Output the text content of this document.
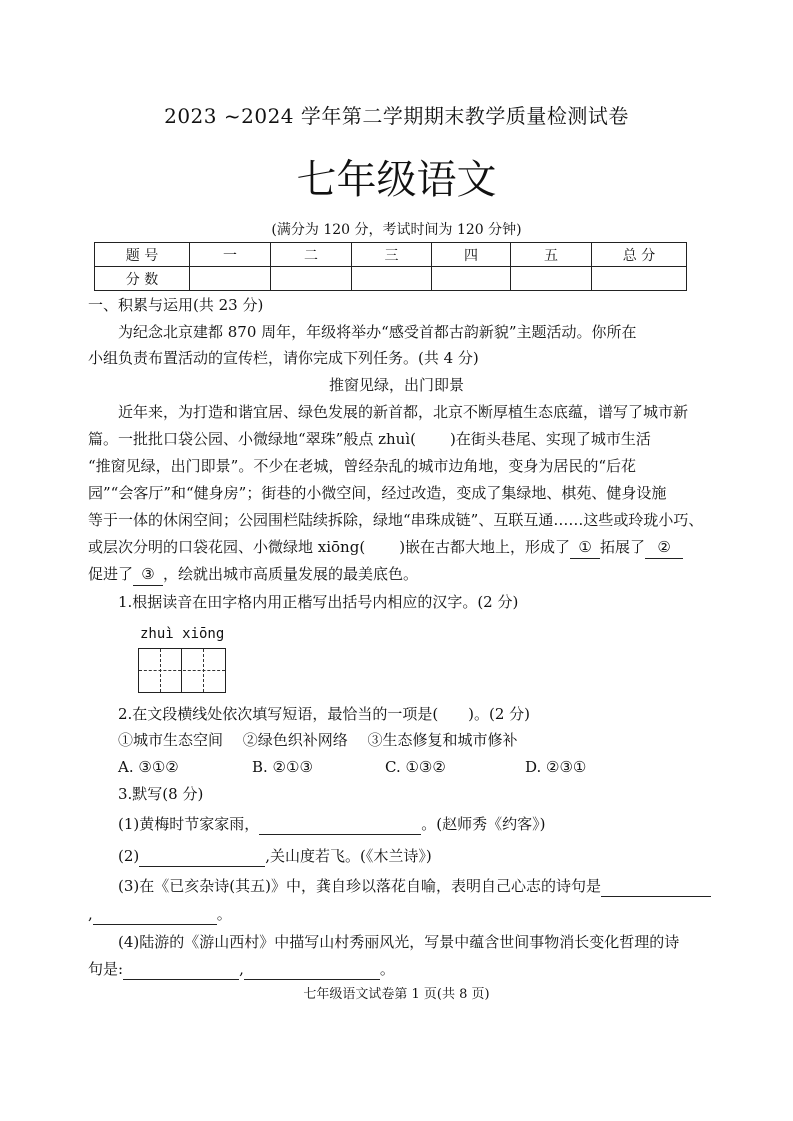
2023 ~2024 学年第二学期期末教学质量检测试卷
七年级语文
(满分为 120 分，考试时间为 120 分钟)
题 号	一	二	三	四	五	总 分
分 数						
一、积累与运用(共 23 分)
为纪念北京建都 870 周年，年级将举办“感受首都古韵新貌”主题活动。你所在
小组负责布置活动的宣传栏，请你完成下列任务。(共 4 分)
推窗见绿，出门即景
近年来，为打造和谐宜居、绿色发展的新首都，北京不断厚植生态底蕴，谱写了城市新
篇。一批批口袋公园、小微绿地“翠珠”般点 zhuì( )在街头巷尾、实现了城市生活
“推窗见绿，出门即景”。不少在老城，曾经杂乱的城市边角地，变身为居民的“后花
园”“会客厅”和“健身房”；街巷的小微空间，经过改造，变成了集绿地、棋苑、健身设施
等于一体的休闲空间；公园围栏陆续拆除，绿地“串珠成链”、互联互通……这些或玲珑小巧、
或层次分明的口袋花园、小微绿地 xiōng( )嵌在古都大地上，形成了 ① 拓展了 ②
促进了 ③ ，绘就出城市高质量发展的最美底色。
1.根据读音在田字格内用正楷写出括号内相应的汉字。(2 分)
zhuì xiōng
2.在文段横线处依次填写短语，最恰当的一项是(　　)。(2 分)
①城市生态空间　 ②绿色织补网络　 ③生态修复和城市修补
A. ③①②	B. ②①③	C. ①③②	D. ②③①
3.默写(8 分)
(1)黄梅时节家家雨，	。(赵师秀《约客》)
(2)	,关山度若飞。(《木兰诗》)
(3)在《已亥杂诗(其五)》中，龚自珍以落花自喻，表明自己心志的诗句是
,	。
(4)陆游的《游山西村》中描写山村秀丽风光，写景中蕴含世间事物消长变化哲理的诗
句是:	,	。
七年级语文试卷第 1 页(共 8 页)
